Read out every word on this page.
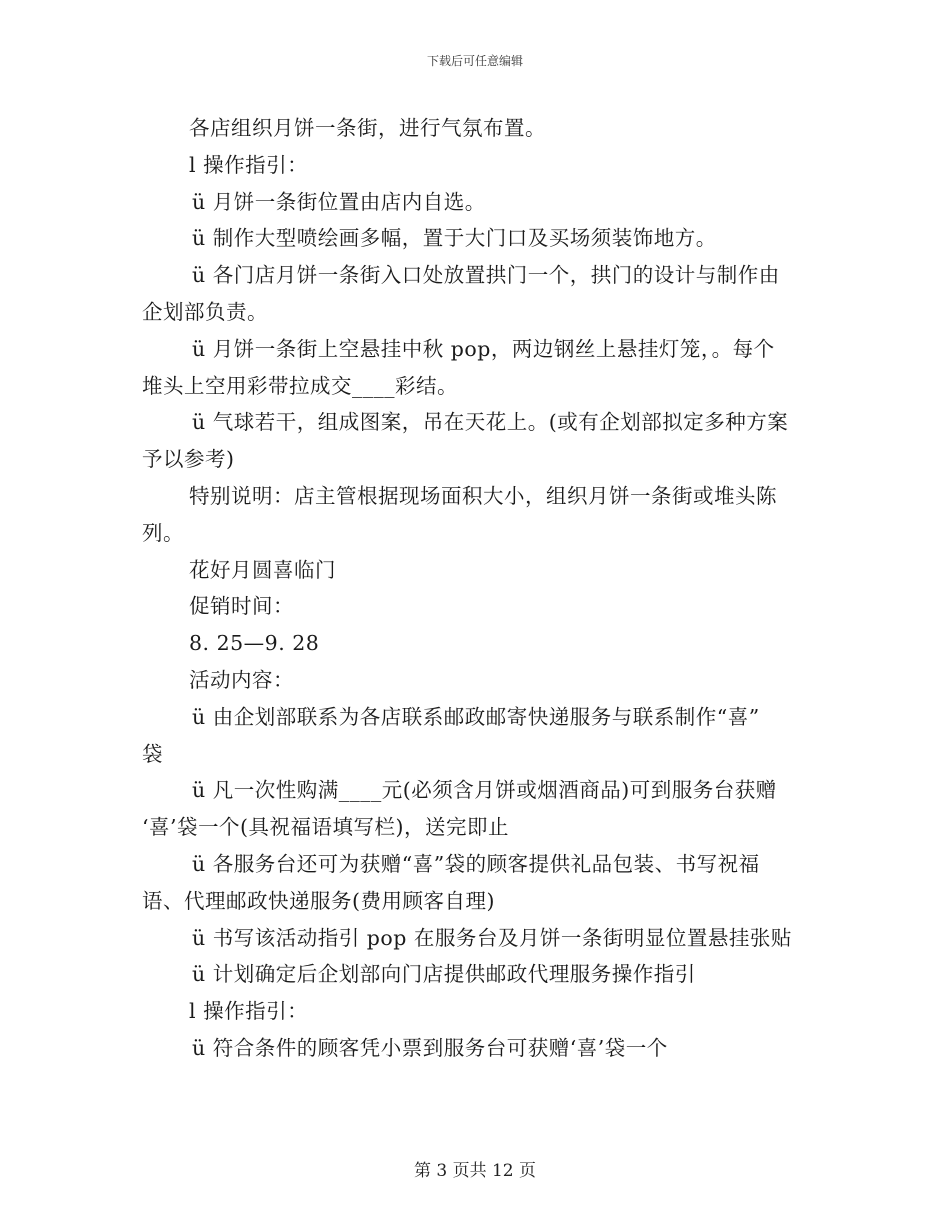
下载后可任意编辑
各店组织月饼一条街，进行气氛布置。
l 操作指引：
ü 月饼一条街位置由店内自选。
ü 制作大型喷绘画多幅，置于大门口及买场须装饰地方。
ü 各门店月饼一条街入口处放置拱门一个，拱门的设计与制作由
企划部负责。
ü 月饼一条街上空悬挂中秋 pop，两边钢丝上悬挂灯笼，。每个
堆头上空用彩带拉成交____彩结。
ü 气球若干，组成图案，吊在天花上。(或有企划部拟定多种方案
予以参考)
特别说明：店主管根据现场面积大小，组织月饼一条街或堆头陈
列。
花好月圆喜临门
促销时间：
8. 25—9. 28
活动内容：
ü 由企划部联系为各店联系邮政邮寄快递服务与联系制作“喜”
袋
ü 凡一次性购满____元(必须含月饼或烟酒商品)可到服务台获赠
‘喜’袋一个(具祝福语填写栏)，送完即止
ü 各服务台还可为获赠“喜”袋的顾客提供礼品包装、书写祝福
语、代理邮政快递服务(费用顾客自理)
ü 书写该活动指引 pop 在服务台及月饼一条街明显位置悬挂张贴
ü 计划确定后企划部向门店提供邮政代理服务操作指引
l 操作指引：
ü 符合条件的顾客凭小票到服务台可获赠‘喜’袋一个
第 3 页共 12 页
